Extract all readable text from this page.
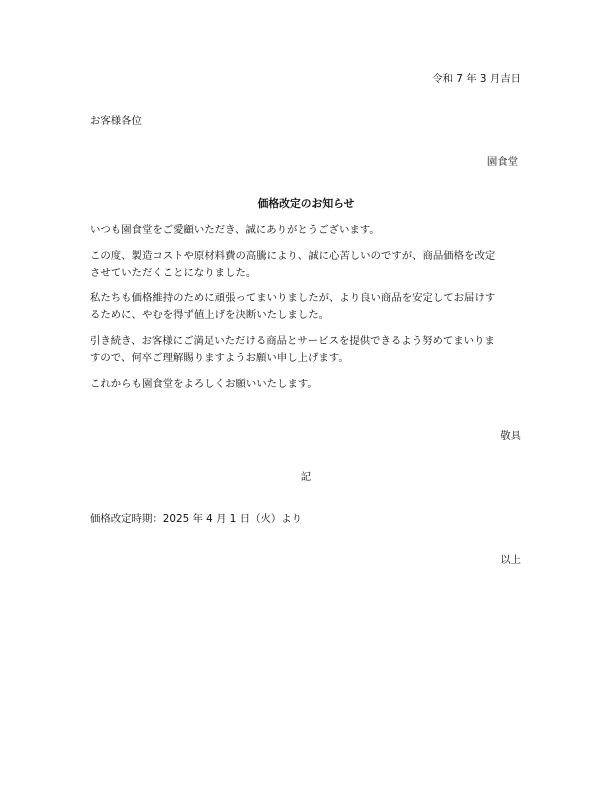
令和 7 年 3 月吉日
お客様各位
園食堂
価格改定のお知らせ
いつも園食堂をご愛顧いただき、誠にありがとうございます。
この度、製造コストや原材料費の高騰により、誠に心苦しいのですが、商品価格を改定
させていただくことになりました。
私たちも価格維持のために頑張ってまいりましたが、より良い商品を安定してお届けす
るために、やむを得ず値上げを決断いたしました。
引き続き、お客様にご満足いただける商品とサービスを提供できるよう努めてまいりま
すので、何卒ご理解賜りますようお願い申し上げます。
これからも園食堂をよろしくお願いいたします。
敬具
記
価格改定時期：2025 年 4 月 1 日（火）より
以上
